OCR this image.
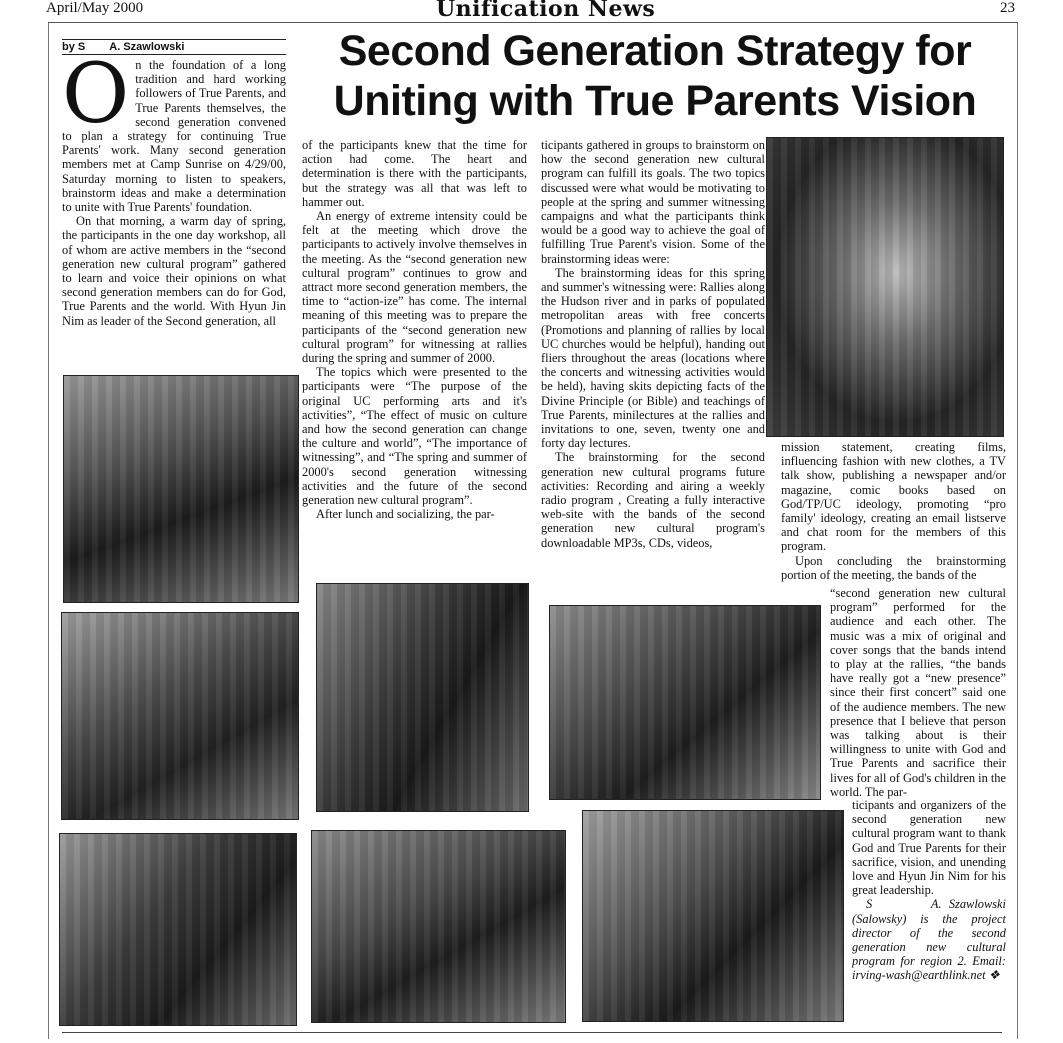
April/May 2000	Unification News	23
by S        A. Szawlowski	Second Generation Strategy for
Uniting with True Parents Vision

On the foundation of a long tradition and hard working followers of True Parents, and True Parents themselves, the second generation convened to plan a strategy for continuing True Parents' work. Many second generation members met at Camp Sunrise on 4/29/00, Saturday morning to listen to speakers, brainstorm ideas and make a determination to unite with True Parents' foundation.

On that morning, a warm day of spring, the participants in the one day workshop, all of whom are active members in the “second generation new cultural program” gathered to learn and voice their opinions on what second generation members can do for God, True Parents and the world. With Hyun Jin Nim as leader of the Second generation, all

of the participants knew that the time for action had come. The heart and determination is there with the participants, but the strategy was all that was left to hammer out.

An energy of extreme intensity could be felt at the meeting which drove the participants to actively involve themselves in the meeting. As the “second generation new cultural program” continues to grow and attract more second generation members, the time to “action-ize” has come. The internal meaning of this meeting was to prepare the participants of the “second generation new cultural program” for witnessing at rallies during the spring and summer of 2000.

The topics which were presented to the participants were “The purpose of the original UC performing arts and it's activities”, “The effect of music on culture and how the second generation can change the culture and world”, “The importance of witnessing”, and “The spring and summer of 2000's second generation witnessing activities and the future of the second generation new cultural program”.

After lunch and socializing, the par-

ticipants gathered in groups to brainstorm on how the second generation new cultural program can fulfill its goals. The two topics discussed were what would be motivating to people at the spring and summer witnessing campaigns and what the participants think would be a good way to achieve the goal of fulfilling True Parent's vision. Some of the brainstorming ideas were:

The brainstorming ideas for this spring and summer's witnessing were: Rallies along the Hudson river and in parks of populated metropolitan areas with free concerts (Promotions and planning of rallies by local UC churches would be helpful), handing out fliers throughout the areas (locations where the concerts and witnessing activities would be held), having skits depicting facts of the Divine Principle (or Bible) and teachings of True Parents, minilectures at the rallies and invitations to one, seven, twenty one and forty day lectures.

The brainstorming for the second generation new cultural programs future activities: Recording and airing a weekly radio program , Creating a fully interactive web-site with the bands of the second generation new cultural program's downloadable MP3s, CDs, videos,

mission statement, creating films, influencing fashion with new clothes, a TV talk show, publishing a newspaper and/or magazine, comic books based on God/TP/UC ideology, promoting “pro family' ideology, creating an email listserve and chat room for the members of this program.

Upon concluding the brainstorming portion of the meeting, the bands of the

“second generation new cultural program” performed for the audience and each other. The music was a mix of original and cover songs that the bands intend to play at the rallies, “the bands have really got a “new presence” since their first concert” said one of the audience members. The new presence that I believe that person was talking about is their willingness to unite with God and True Parents and sacrifice their lives for all of God's children in the world. The par-

ticipants and organizers of the second generation new cultural program want to thank God and True Parents for their sacrifice, vision, and unending love and Hyun Jin Nim for his great leadership.

S        A. Szawlowski (Salowsky) is the project director of the second generation new cultural program for region 2. Email: irving-wash@earthlink.net ❖
